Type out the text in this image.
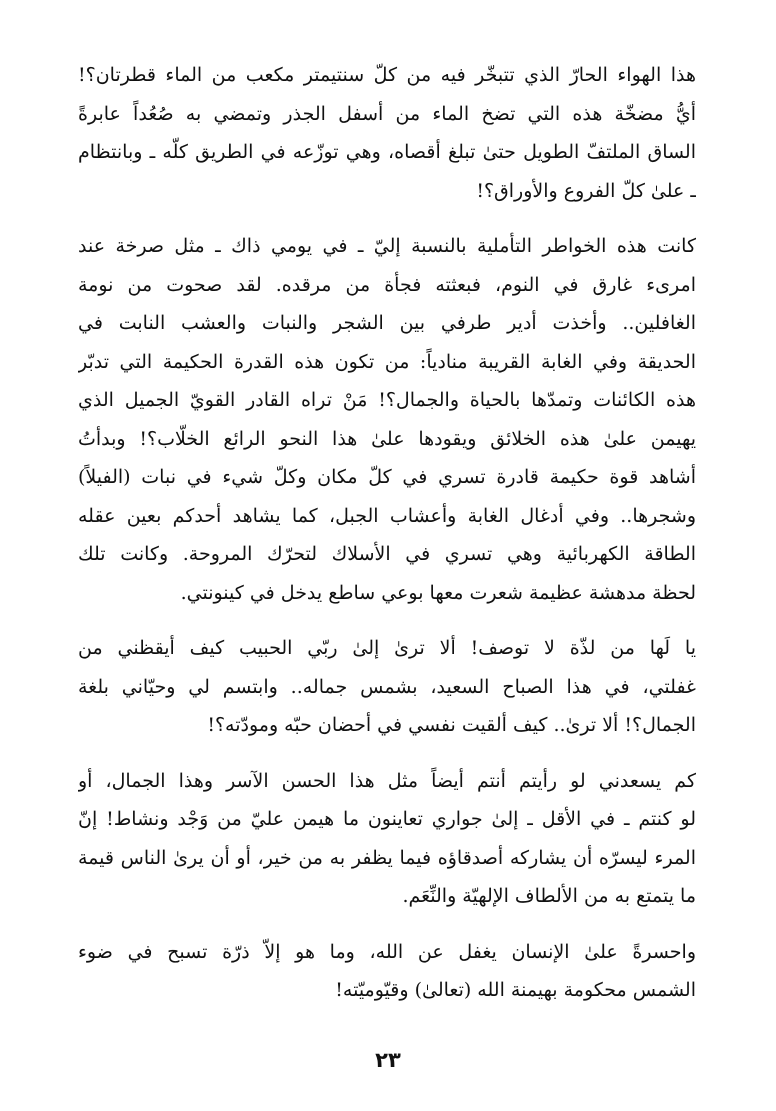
هذا الهواء الحارّ الذي تتبخّر فيه من كلّ سنتيمتر مكعب من الماء قطرتان؟!
أيُّ مضخّة هذه التي تضخ الماء من أسفل الجذر وتمضي به صُعُداً عابرةً
الساق الملتفّ الطويل حتىٰ تبلغ أقصاه، وهي توزّعه في الطريق كلّه ـ وبانتظام
ـ علىٰ كلّ الفروع والأوراق؟!
كانت هذه الخواطر التأملية بالنسبة إليّ ـ في يومي ذاك ـ مثل صرخة عند
امرىء غارق في النوم، فبعثته فجأة من مرقده. لقد صحوت من نومة
الغافلين.. وأخذت أدير طرفي بين الشجر والنبات والعشب النابت في
الحديقة وفي الغابة القريبة منادياً: من تكون هذه القدرة الحكيمة التي تدبّر
هذه الكائنات وتمدّها بالحياة والجمال؟! مَنْ تراه القادر القويّ الجميل الذي
يهيمن علىٰ هذه الخلائق ويقودها علىٰ هذا النحو الرائع الخلّاب؟! وبدأتُ
أشاهد قوة حكيمة قادرة تسري في كلّ مكان وكلّ شيء في نبات (الفيلاً)
وشجرها.. وفي أدغال الغابة وأعشاب الجبل، كما يشاهد أحدكم بعين عقله
الطاقة الكهربائية وهي تسري في الأسلاك لتحرّك المروحة. وكانت تلك
لحظة مدهشة عظيمة شعرت معها بوعي ساطع يدخل في كينونتي.
يا لَها من لذّة لا توصف! ألا ترىٰ إلىٰ ربّي الحبيب كيف أيقظني من
غفلتي، في هذا الصباح السعيد، بشمس جماله.. وابتسم لي وحيّاني بلغة
الجمال؟! ألا ترىٰ.. كيف ألقيت نفسي في أحضان حبّه ومودّته؟!
كم يسعدني لو رأيتم أنتم أيضاً مثل هذا الحسن الآسر وهذا الجمال، أو
لو كنتم ـ في الأقل ـ إلىٰ جواري تعاينون ما هيمن عليّ من وَجْد ونشاط! إنّ
المرء ليسرّه أن يشاركه أصدقاؤه فيما يظفر به من خير، أو أن يرىٰ الناس قيمة
ما يتمتع به من الألطاف الإلهيّة والنِّعَم.
واحسرةً علىٰ الإنسان يغفل عن الله، وما هو إلاّ ذرّة تسبح في ضوء
الشمس محكومة بهيمنة الله (تعالىٰ) وقيّوميّته!
٢٣
